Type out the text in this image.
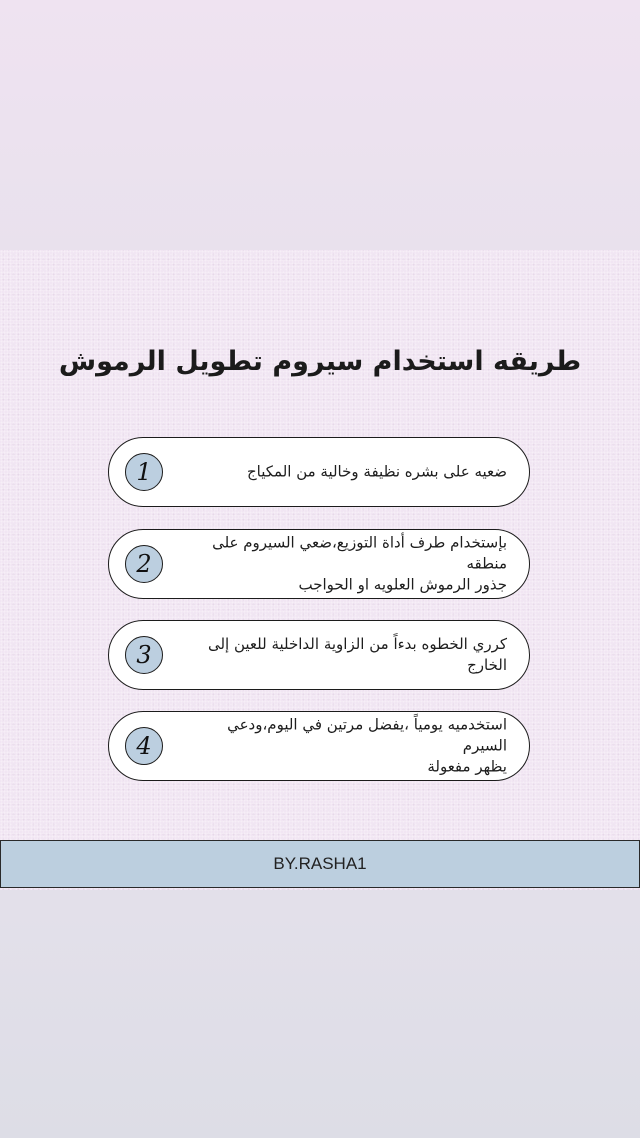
طريقه استخدام سيروم تطويل الرموش
ضعيه على بشره نظيفة وخالية من المكياج
1
بإستخدام طرف أداة التوزيع،ضعي السيروم على منطقه
جذور الرموش العلويه او الحواجب
2
كرري الخطوه بدءاً من الزاوية الداخلية للعين إلى الخارج
3
استخدميه يومياً ،يفضل مرتين في اليوم،ودعي السيرم
يظهر مفعولة
4
BY.RASHA1
